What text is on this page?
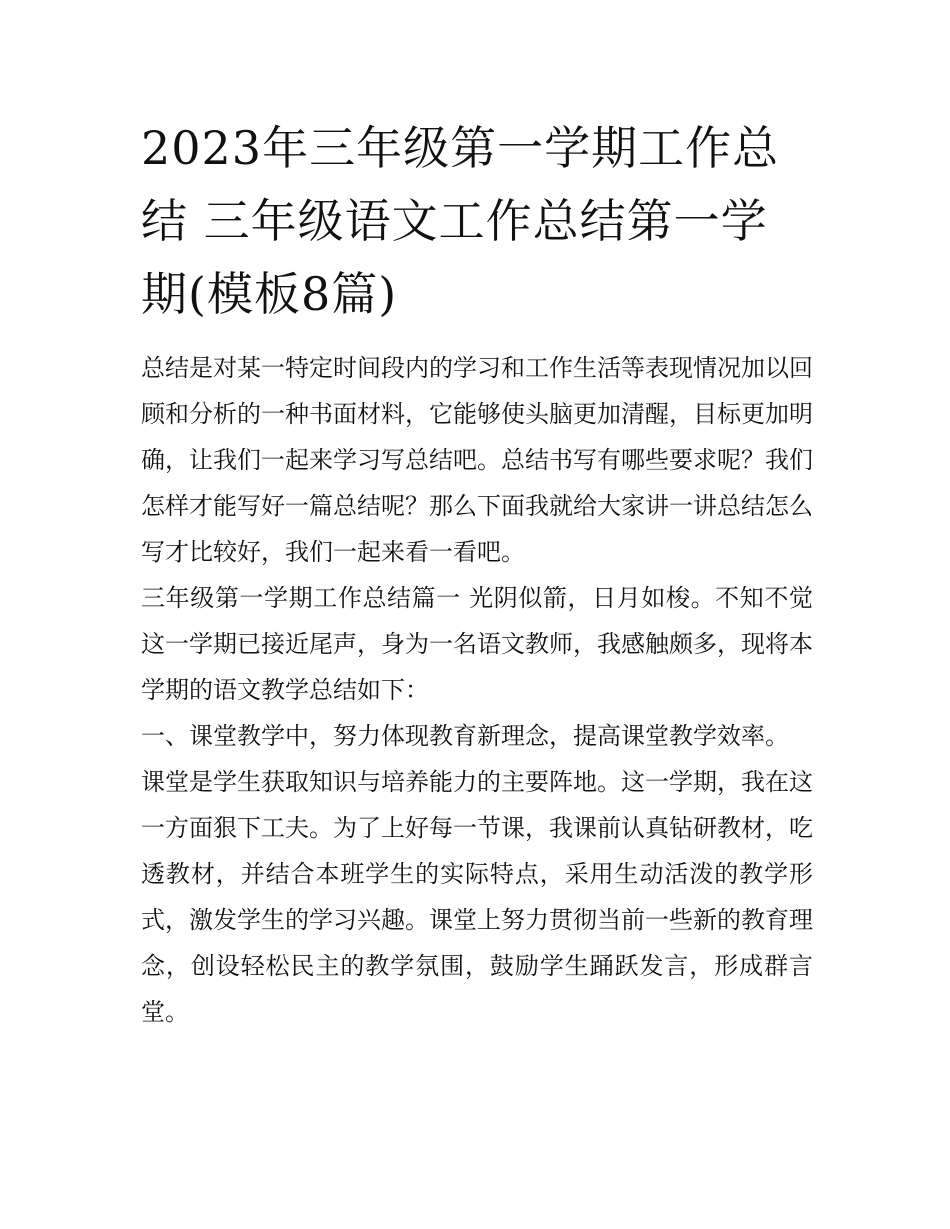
2023年三年级第一学期工作总结 三年级语文工作总结第一学期(模板8篇)

总结是对某一特定时间段内的学习和工作生活等表现情况加以回顾和分析的一种书面材料，它能够使头脑更加清醒，目标更加明确，让我们一起来学习写总结吧。总结书写有哪些要求呢？我们怎样才能写好一篇总结呢？那么下面我就给大家讲一讲总结怎么写才比较好，我们一起来看一看吧。

三年级第一学期工作总结篇一 光阴似箭，日月如梭。不知不觉这一学期已接近尾声，身为一名语文教师，我感触颇多，现将本学期的语文教学总结如下：

一、课堂教学中，努力体现教育新理念，提高课堂教学效率。

课堂是学生获取知识与培养能力的主要阵地。这一学期，我在这一方面狠下工夫。为了上好每一节课，我课前认真钻研教材，吃透教材，并结合本班学生的实际特点，采用生动活泼的教学形式，激发学生的学习兴趣。课堂上努力贯彻当前一些新的教育理念，创设轻松民主的教学氛围，鼓励学生踊跃发言，形成群言堂。
